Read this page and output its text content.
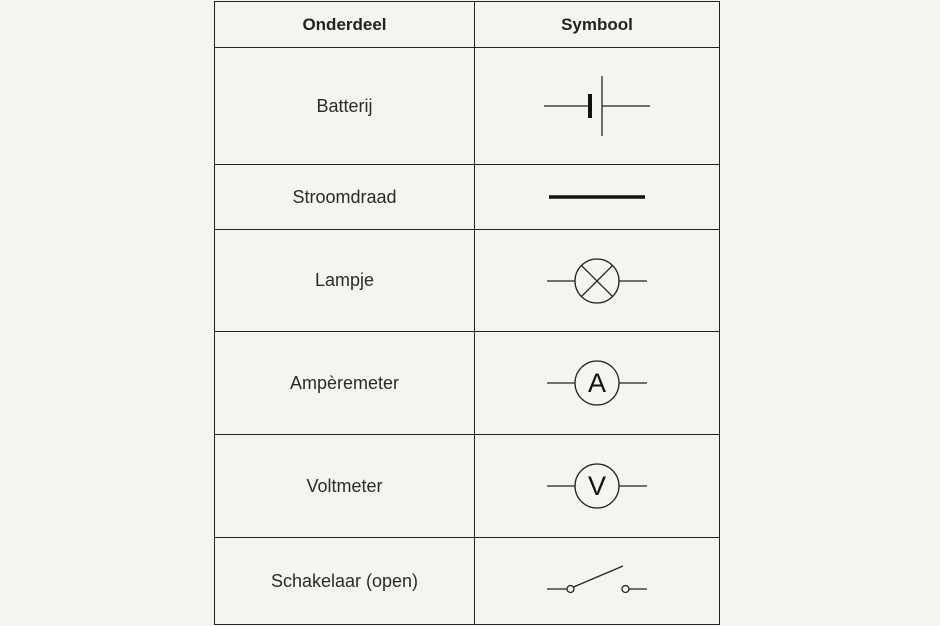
Onderdeel	Symbool
Batterij	

Stroomdraad	

Lampje	

Ampèremeter	A

Voltmeter	V

Schakelaar (open)	
